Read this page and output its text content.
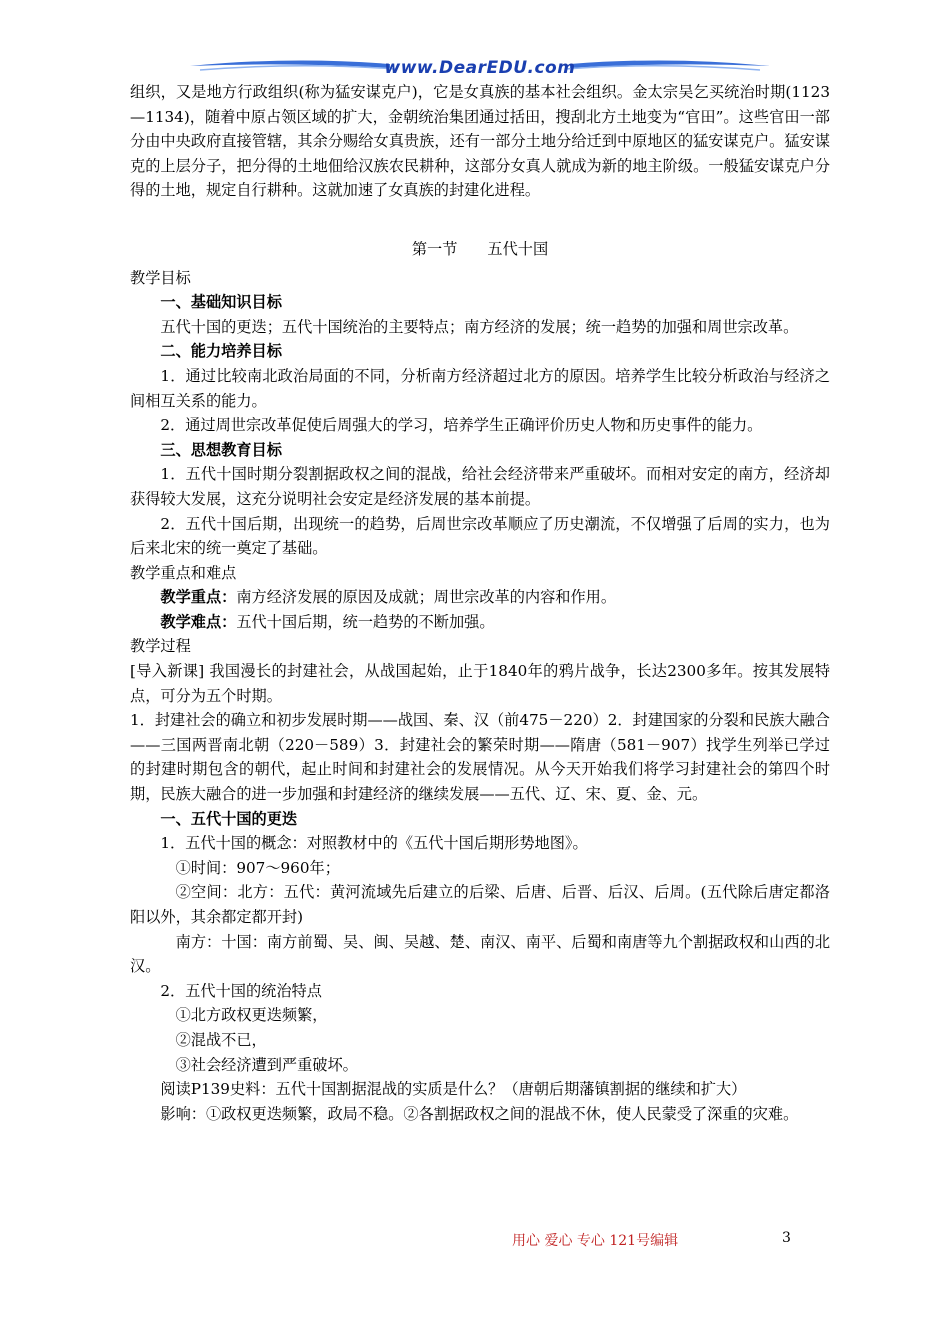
www.DearEDU.com

组织，又是地方行政组织(称为猛安谋克户)，它是女真族的基本社会组织。金太宗吴乞买统治时期(1123—1134)，随着中原占领区域的扩大，金朝统治集团通过括田，搜刮北方土地变为“官田”。这些官田一部分由中央政府直接管辖，其余分赐给女真贵族，还有一部分土地分给迁到中原地区的猛安谋克户。猛安谋克的上层分子，把分得的土地佃给汉族农民耕种，这部分女真人就成为新的地主阶级。一般猛安谋克户分得的土地，规定自行耕种。这就加速了女真族的封建化进程。

第一节 五代十国

教学目标

一、基础知识目标

五代十国的更迭；五代十国统治的主要特点；南方经济的发展；统一趋势的加强和周世宗改革。

二、能力培养目标

1．通过比较南北政治局面的不同，分析南方经济超过北方的原因。培养学生比较分析政治与经济之间相互关系的能力。

2．通过周世宗改革促使后周强大的学习，培养学生正确评价历史人物和历史事件的能力。

三、思想教育目标

1．五代十国时期分裂割据政权之间的混战，给社会经济带来严重破坏。而相对安定的南方，经济却获得较大发展，这充分说明社会安定是经济发展的基本前提。

2．五代十国后期，出现统一的趋势，后周世宗改革顺应了历史潮流，不仅增强了后周的实力，也为后来北宋的统一奠定了基础。

教学重点和难点

教学重点：南方经济发展的原因及成就；周世宗改革的内容和作用。

教学难点：五代十国后期，统一趋势的不断加强。

教学过程

[导入新课] 我国漫长的封建社会，从战国起始，止于1840年的鸦片战争，长达2300多年。按其发展特点，可分为五个时期。

1．封建社会的确立和初步发展时期——战国、秦、汉（前475－220）2．封建国家的分裂和民族大融合——三国两晋南北朝（220－589）3．封建社会的繁荣时期——隋唐（581－907）找学生列举已学过的封建时期包含的朝代，起止时间和封建社会的发展情况。从今天开始我们将学习封建社会的第四个时期，民族大融合的进一步加强和封建经济的继续发展——五代、辽、宋、夏、金、元。

一、五代十国的更迭

1．五代十国的概念：对照教材中的《五代十国后期形势地图》。

①时间：907～960年；

②空间：北方：五代：黄河流域先后建立的后梁、后唐、后晋、后汉、后周。(五代除后唐定都洛阳以外，其余都定都开封)

南方：十国：南方前蜀、吴、闽、吴越、楚、南汉、南平、后蜀和南唐等九个割据政权和山西的北汉。

2．五代十国的统治特点

①北方政权更迭频繁，

②混战不已，

③社会经济遭到严重破坏。

阅读P139史料：五代十国割据混战的实质是什么？（唐朝后期藩镇割据的继续和扩大）

影响：①政权更迭频繁，政局不稳。②各割据政权之间的混战不休，使人民蒙受了深重的灾难。

用心 爱心 专心 121号编辑	3
